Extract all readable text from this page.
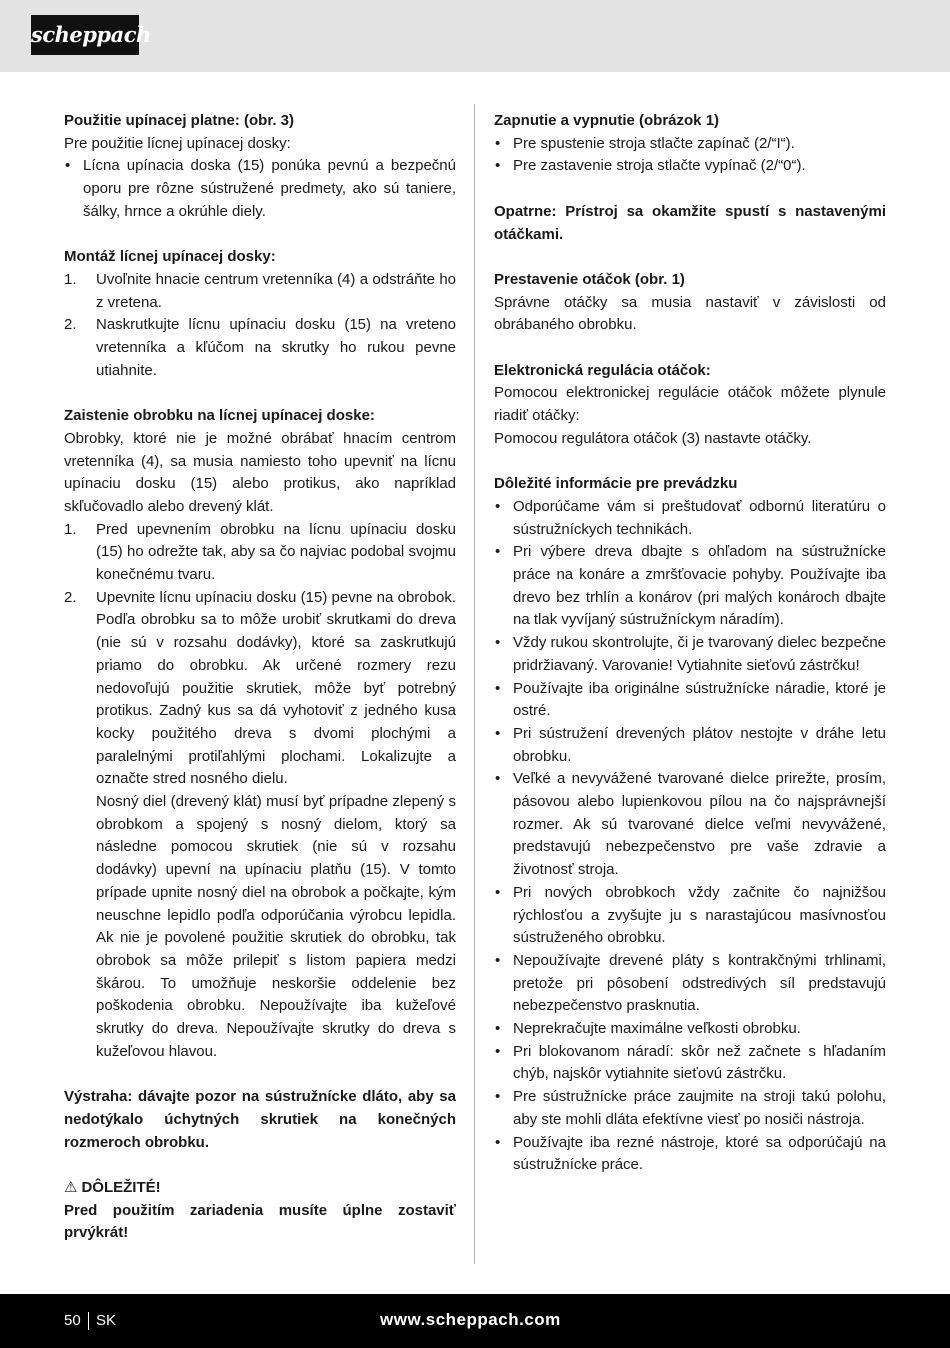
scheppach

Použitie upínacej platne: (obr. 3)

Pre použitie lícnej upínacej dosky:

• Lícna upínacia doska (15) ponúka pevnú a bezpečnú oporu pre rôzne sústružené predmety, ako sú taniere, šálky, hrnce a okrúhle diely.

Montáž lícnej upínacej dosky:

1. Uvoľnite hnacie centrum vretenníka (4) a odstráňte ho z vretena.
2. Naskrutkujte lícnu upínaciu dosku (15) na vreteno vretenníka a kľúčom na skrutky ho rukou pevne utiahnite.

Zaistenie obrobku na lícnej upínacej doske:

Obrobky, ktoré nie je možné obrábať hnacím centrom vretenníka (4), sa musia namiesto toho upevniť na lícnu upínaciu dosku (15) alebo protikus, ako napríklad skľučovadlo alebo drevený klát.

1. Pred upevnením obrobku na lícnu upínaciu dosku (15) ho odrežte tak, aby sa čo najviac podobal svojmu konečnému tvaru.
2. Upevnite lícnu upínaciu dosku (15) pevne na obrobok. Podľa obrobku sa to môže urobiť skrutkami do dreva (nie sú v rozsahu dodávky), ktoré sa zaskrutkujú priamo do obrobku. Ak určené rozmery rezu nedovoľujú použitie skrutiek, môže byť potrebný protikus. Zadný kus sa dá vyhotoviť z jedného kusa kocky použitého dreva s dvomi plochými a paralelnými protiľahlými plochami. Lokalizujte a označte stred nosného dielu.

Nosný diel (drevený klát) musí byť prípadne zlepený s obrobkom a spojený s nosný dielom, ktorý sa následne pomocou skrutiek (nie sú v rozsahu dodávky) upevní na upínaciu platňu (15). V tomto prípade upnite nosný diel na obrobok a počkajte, kým neuschne lepidlo podľa odporúčania výrobcu lepidla. Ak nie je povolené použitie skrutiek do obrobku, tak obrobok sa môže prilepiť s listom papiera medzi škárou. To umožňuje neskoršie oddelenie bez poškodenia obrobku. Nepoužívajte iba kužeľové skrutky do dreva. Nepoužívajte skrutky do dreva s kužeľovou hlavou.

Výstraha: dávajte pozor na sústružnícke dláto, aby sa nedotýkalo úchytných skrutiek na konečných rozmeroch obrobku.

⚠ DÔLEŽITÉ!

Pred použitím zariadenia musíte úplne zostaviť prvýkrát!

Zapnutie a vypnutie (obrázok 1)

• Pre spustenie stroja stlačte zapínač (2/“I“).
• Pre zastavenie stroja stlačte vypínač (2/“0“).

Opatrne: Prístroj sa okamžite spustí s nastavenými otáčkami.

Prestavenie otáčok (obr. 1)

Správne otáčky sa musia nastaviť v závislosti od obrábaného obrobku.

Elektronická regulácia otáčok:

Pomocou elektronickej regulácie otáčok môžete plynule riadiť otáčky:

Pomocou regulátora otáčok (3) nastavte otáčky.

Dôležité informácie pre prevádzku

• Odporúčame vám si preštudovať odbornú literatúru o sústružníckych technikách.
• Pri výbere dreva dbajte s ohľadom na sústružnícke práce na konáre a zmršťovacie pohyby. Používajte iba drevo bez trhlín a konárov (pri malých konároch dbajte na tlak vyvíjaný sústružníckym náradím).
• Vždy rukou skontrolujte, či je tvarovaný dielec bezpečne pridržiavaný. Varovanie! Vytiahnite sieťovú zástrčku!
• Používajte iba originálne sústružnícke náradie, ktoré je ostré.
• Pri sústružení drevených plátov nestojte v dráhe letu obrobku.
• Veľké a nevyvážené tvarované dielce prirežte, prosím, pásovou alebo lupienkovou pílou na čo najsprávnejší rozmer. Ak sú tvarované dielce veľmi nevyvážené, predstavujú nebezpečenstvo pre vaše zdravie a životnosť stroja.
• Pri nových obrobkoch vždy začnite čo najnižšou rýchlosťou a zvyšujte ju s narastajúcou masívnosťou sústruženého obrobku.
• Nepoužívajte drevené pláty s kontrakčnými trhlinami, pretože pri pôsobení odstredivých síl predstavujú nebezpečenstvo prasknutia.
• Neprekračujte maximálne veľkosti obrobku.
• Pri blokovanom náradí: skôr než začnete s hľadaním chýb, najskôr vytiahnite sieťovú zástrčku.
• Pre sústružnícke práce zaujmite na stroji takú polohu, aby ste mohli dláta efektívne viesť po nosiči nástroja.
• Používajte iba rezné nástroje, ktoré sa odporúčajú na sústružnícke práce.
50 SK	www.scheppach.com
